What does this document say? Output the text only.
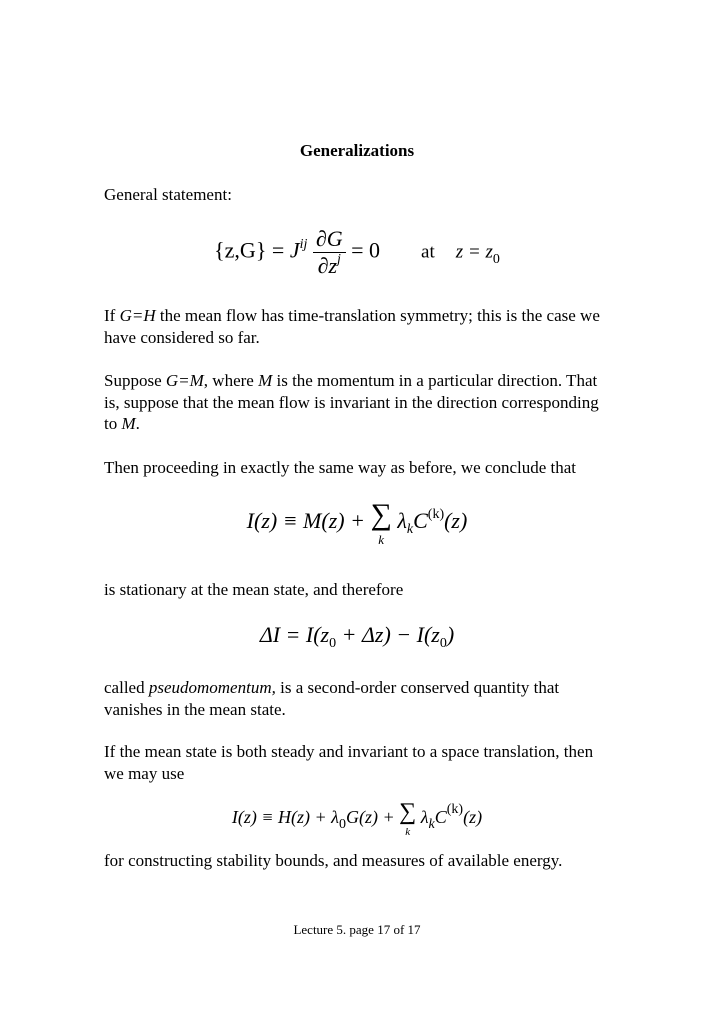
Generalizations
General statement:
$\{z,G\} = J^{ij} \frac{\partial G}{\partial z^j} = 0$ at $z = z_0$
If G=H the mean flow has time-translation symmetry; this is the case we have considered so far.
Suppose G=M, where M is the momentum in a particular direction. That is, suppose that the mean flow is invariant in the direction corresponding to M.
Then proceeding in exactly the same way as before, we conclude that
I(z) ≡ M(z) + ∑
k
$\lambda_kC^{(k)}(z)$
is stationary at the mean state, and therefore
$\Delta I = I(z_0 + \Delta z) - I(z_0)$
called pseudomomentum, is a second-order conserved quantity that vanishes in the mean state.
If the mean state is both steady and invariant to a space translation, then we may use
$I(z) \equiv H(z) + \lambda_0G(z)$ + ∑
k
$\lambda_kC^{(k)}(z)$
for constructing stability bounds, and measures of available energy.
Lecture 5. page 17 of 17
